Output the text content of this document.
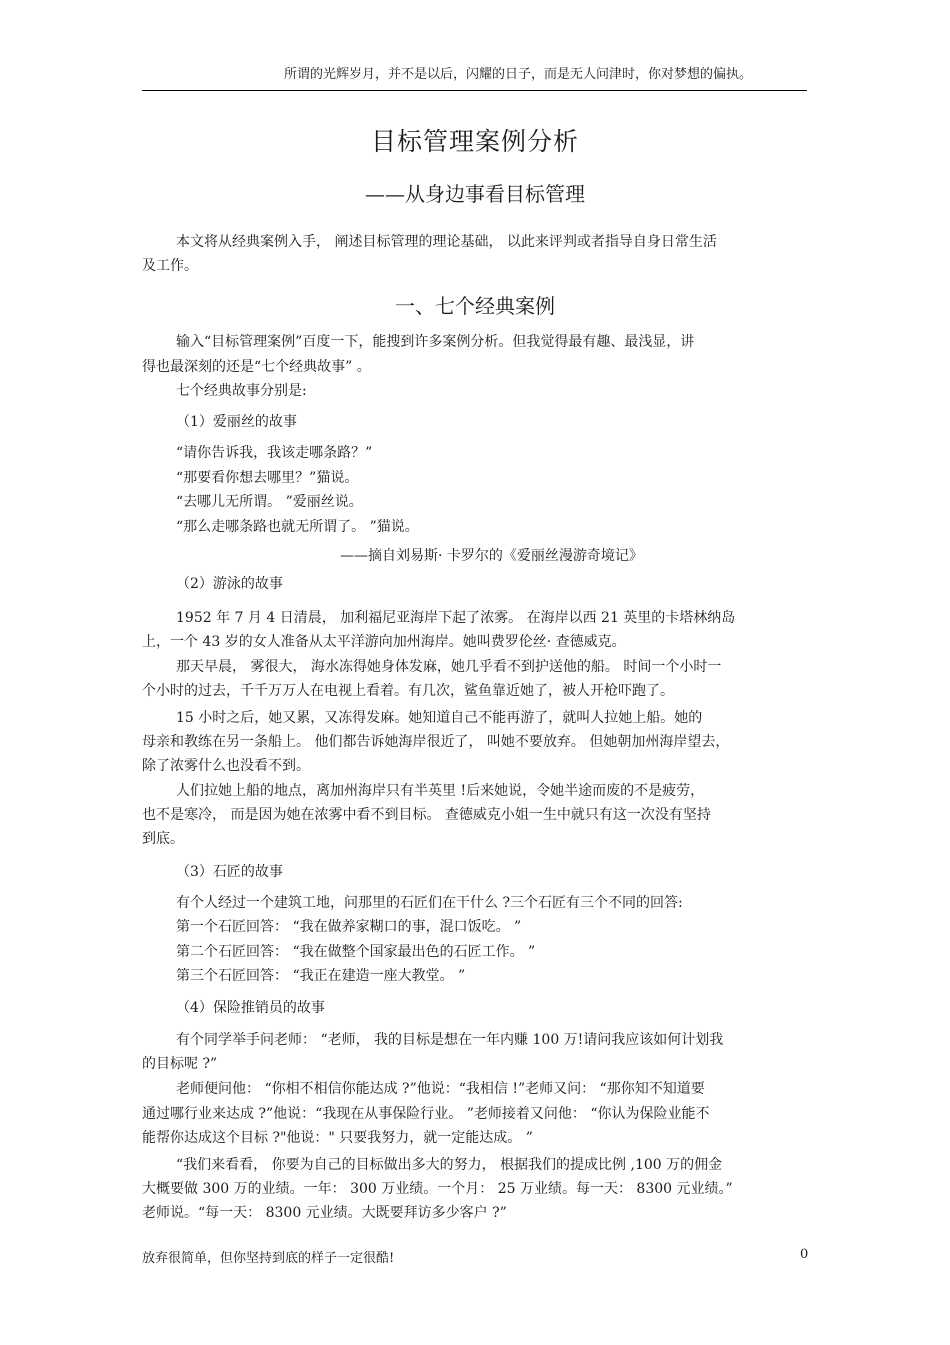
所谓的光辉岁月，并不是以后，闪耀的日子，而是无人问津时，你对梦想的偏执。
目标管理案例分析
——从身边事看目标管理
本文将从经典案例入手， 阐述目标管理的理论基础， 以此来评判或者指导自身日常生活
及工作。
一、七个经典案例
输入“目标管理案例”百度一下，能搜到许多案例分析。但我觉得最有趣、最浅显，讲
得也最深刻的还是“七个经典故事” 。
七个经典故事分别是:
（1）爱丽丝的故事
“请你告诉我，我该走哪条路？”
“那要看你想去哪里？”猫说。
“去哪儿无所谓。 ”爱丽丝说。
“那么走哪条路也就无所谓了。 ”猫说。
——摘自刘易斯· 卡罗尔的《爱丽丝漫游奇境记》
（2）游泳的故事
1952 年 7 月 4 日清晨， 加利福尼亚海岸下起了浓雾。 在海岸以西 21 英里的卡塔林纳岛
上，一个 43 岁的女人准备从太平洋游向加州海岸。她叫费罗伦丝· 查德威克。
那天早晨， 雾很大， 海水冻得她身体发麻，她几乎看不到护送他的船。 时间一个小时一
个小时的过去，千千万万人在电视上看着。有几次，鲨鱼靠近她了，被人开枪吓跑了。
15 小时之后，她又累，又冻得发麻。她知道自己不能再游了，就叫人拉她上船。她的
母亲和教练在另一条船上。 他们都告诉她海岸很近了， 叫她不要放弃。 但她朝加州海岸望去，
除了浓雾什么也没看不到。
人们拉她上船的地点，离加州海岸只有半英里 !后来她说，令她半途而废的不是疲劳，
也不是寒冷， 而是因为她在浓雾中看不到目标。 查德威克小姐一生中就只有这一次没有坚持
到底。
（3）石匠的故事
有个人经过一个建筑工地，问那里的石匠们在干什么 ?三个石匠有三个不同的回答:
第一个石匠回答： “我在做养家糊口的事，混口饭吃。 ”
第二个石匠回答： “我在做整个国家最出色的石匠工作。 ”
第三个石匠回答： “我正在建造一座大教堂。 ”
（4）保险推销员的故事
有个同学举手问老师： “老师， 我的目标是想在一年内赚 100 万!请问我应该如何计划我
的目标呢 ?”
老师便问他： “你相不相信你能达成 ?”他说：“我相信 !”老师又问： “那你知不知道要
通过哪行业来达成 ?”他说：“我现在从事保险行业。 ”老师接着又问他： “你认为保险业能不
能帮你达成这个目标 ?"他说：" 只要我努力，就一定能达成。 ”
“我们来看看， 你要为自己的目标做出多大的努力， 根据我们的提成比例 ,100 万的佣金
大概要做 300 万的业绩。一年： 300 万业绩。一个月： 25 万业绩。每一天： 8300 元业绩。”
老师说。“每一天： 8300 元业绩。大既要拜访多少客户 ?”
放弃很简单，但你坚持到底的样子一定很酷!	0
